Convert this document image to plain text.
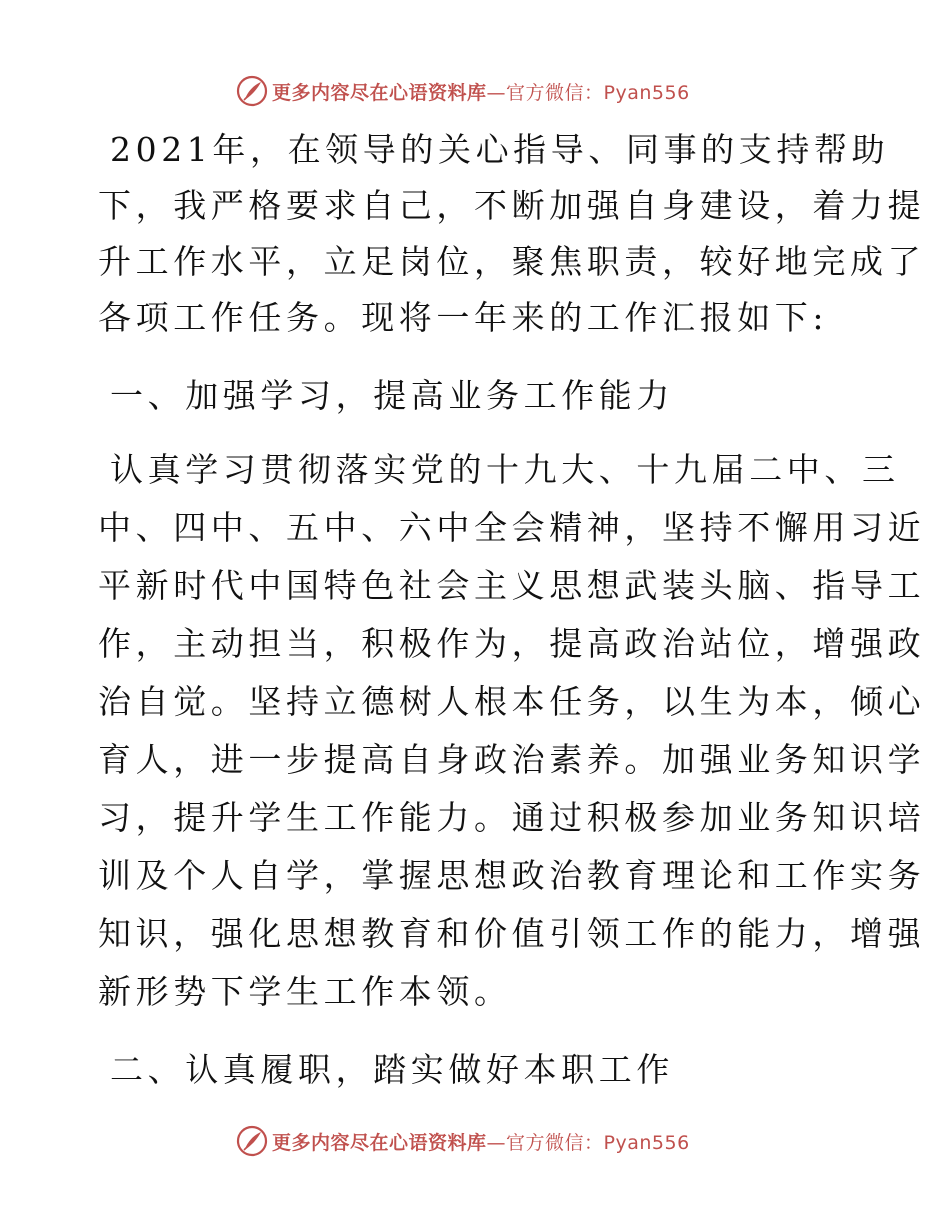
更多内容尽在心语资料库—官方微信：Pyan556
2021年，在领导的关心指导、同事的支持帮助
下，我严格要求自己，不断加强自身建设，着力提
升工作水平，立足岗位，聚焦职责，较好地完成了
各项工作任务。现将一年来的工作汇报如下:
一、加强学习，提高业务工作能力
认真学习贯彻落实党的十九大、十九届二中、三
中、四中、五中、六中全会精神，坚持不懈用习近
平新时代中国特色社会主义思想武装头脑、指导工
作，主动担当，积极作为，提高政治站位，增强政
治自觉。坚持立德树人根本任务，以生为本，倾心
育人，进一步提高自身政治素养。加强业务知识学
习，提升学生工作能力。通过积极参加业务知识培
训及个人自学，掌握思想政治教育理论和工作实务
知识，强化思想教育和价值引领工作的能力，增强
新形势下学生工作本领。
二、认真履职，踏实做好本职工作
更多内容尽在心语资料库—官方微信：Pyan556
